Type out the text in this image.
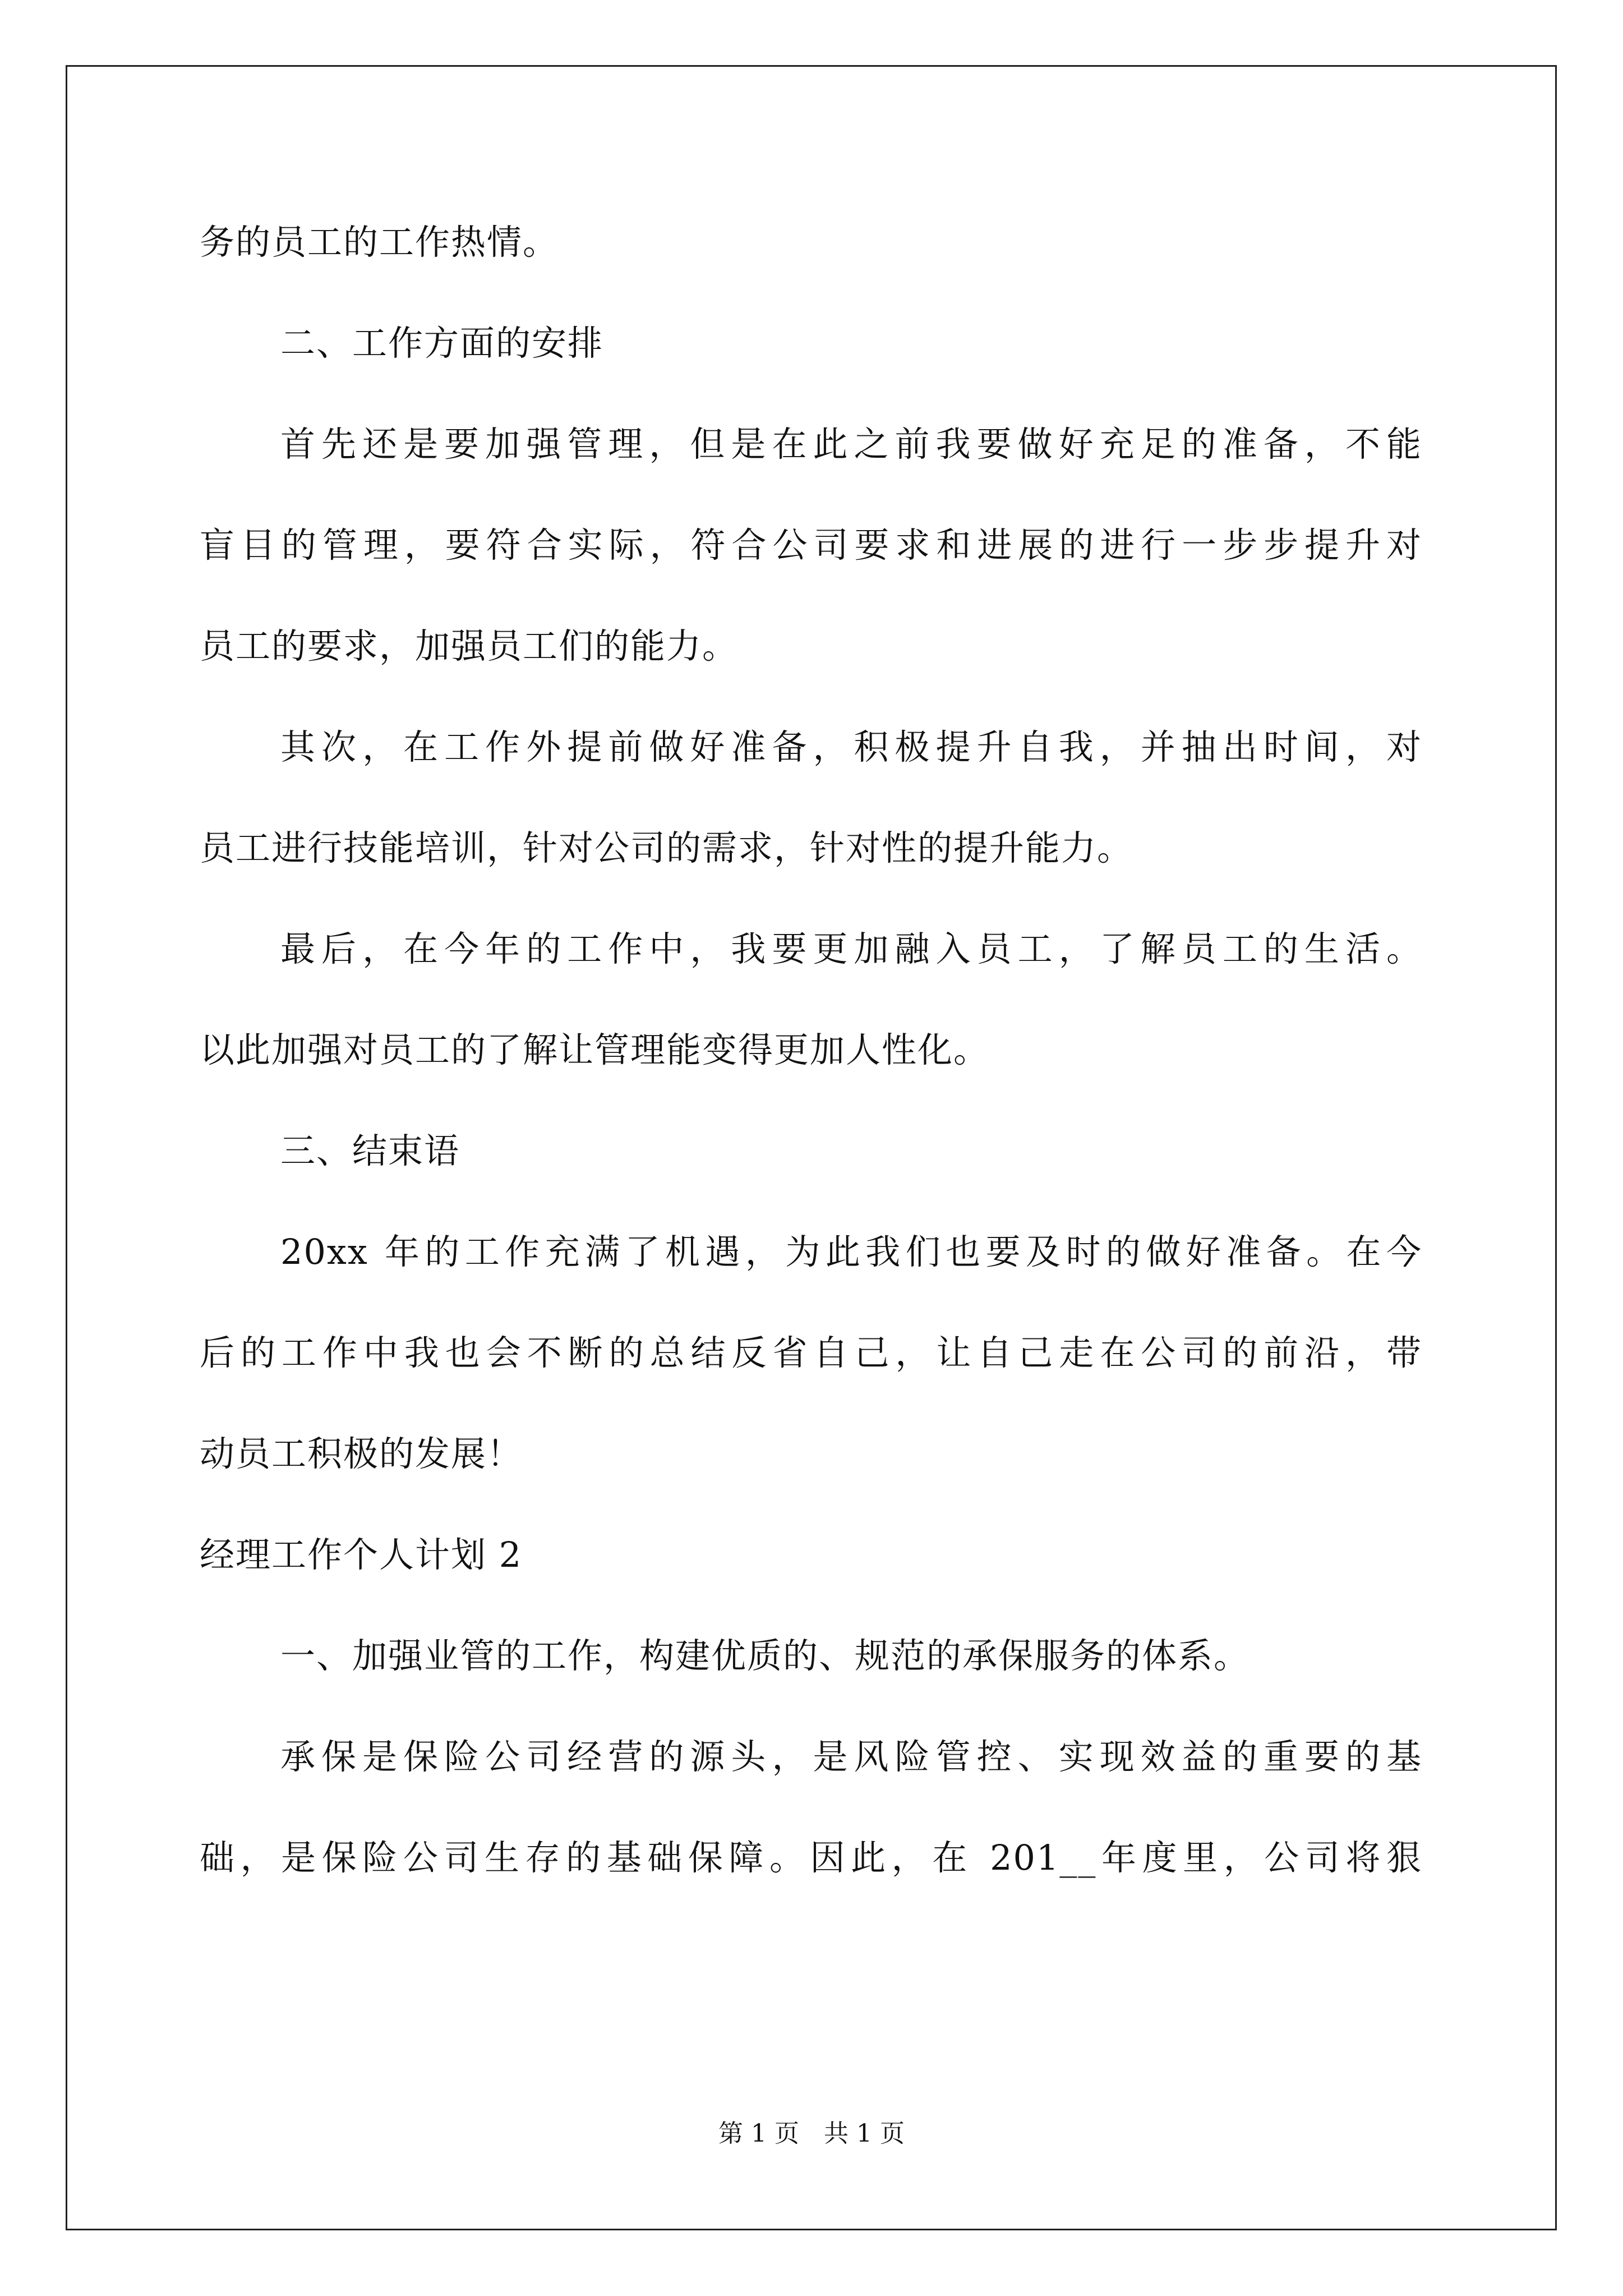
务的员工的工作热情。
二、工作方面的安排
首先还是要加强管理，但是在此之前我要做好充足的准备，不能
盲目的管理，要符合实际，符合公司要求和进展的进行一步步提升对
员工的要求，加强员工们的能力。
其次，在工作外提前做好准备，积极提升自我，并抽出时间，对
员工进行技能培训，针对公司的需求，针对性的提升能力。
最后，在今年的工作中，我要更加融入员工，了解员工的生活。
以此加强对员工的了解让管理能变得更加人性化。
三、结束语
20xx 年的工作充满了机遇，为此我们也要及时的做好准备。在今
后的工作中我也会不断的总结反省自己，让自己走在公司的前沿，带
动员工积极的发展！
经理工作个人计划 2
一、加强业管的工作，构建优质的、规范的承保服务的体系。
承保是保险公司经营的源头，是风险管控、实现效益的重要的基
础，是保险公司生存的基础保障。因此，在 201__年度里，公司将狠
第 1 页　共 1 页
